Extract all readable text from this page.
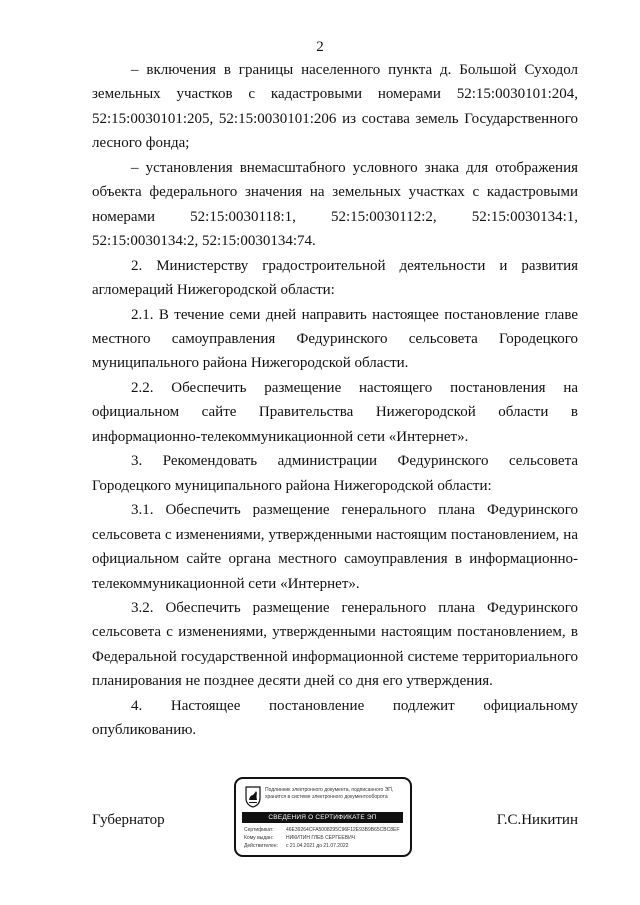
2

– включения в границы населенного пункта д. Большой Суходол земельных участков с кадастровыми номерами 52:15:0030101:204, 52:15:0030101:205, 52:15:0030101:206 из состава земель Государственного лесного фонда;

– установления внемасштабного условного знака для отображения объекта федерального значения на земельных участках с кадастровыми номерами 52:15:0030118:1, 52:15:0030112:2, 52:15:0030134:1, 52:15:0030134:2, 52:15:0030134:74.

2. Министерству градостроительной деятельности и развития агломераций Нижегородской области:

2.1. В течение семи дней направить настоящее постановление главе местного самоуправления Федуринского сельсовета Городецкого муниципального района Нижегородской области.

2.2. Обеспечить размещение настоящего постановления на официальном сайте Правительства Нижегородской области в информационно-телекоммуникационной сети «Интернет».

3. Рекомендовать администрации Федуринского сельсовета Городецкого муниципального района Нижегородской области:

3.1. Обеспечить размещение генерального плана Федуринского сельсовета с изменениями, утвержденными настоящим постановлением, на официальном сайте органа местного самоуправления в информационно-телекоммуникационной сети «Интернет».

3.2. Обеспечить размещение генерального плана Федуринского сельсовета с изменениями, утвержденными настоящим постановлением, в Федеральной государственной информационной системе территориального планирования не позднее десяти дней со дня его утверждения.

4. Настоящее постановление подлежит официальному опубликованию.

Губернатор	Г.С.Никитин
Подлинник электронного документа, подписанного ЭП, хранится в системе электронного документооборота
СВЕДЕНИЯ О СЕРТИФИКАТЕ ЭП
Сертификат: 46E39264CFA5008295C96F12E93B9B65CBC8EF
Кому выдан:	НИКИТИН ГЛЕБ СЕРГЕЕВИЧ
Действителен: с 21.04.2021 до 21.07.2022
